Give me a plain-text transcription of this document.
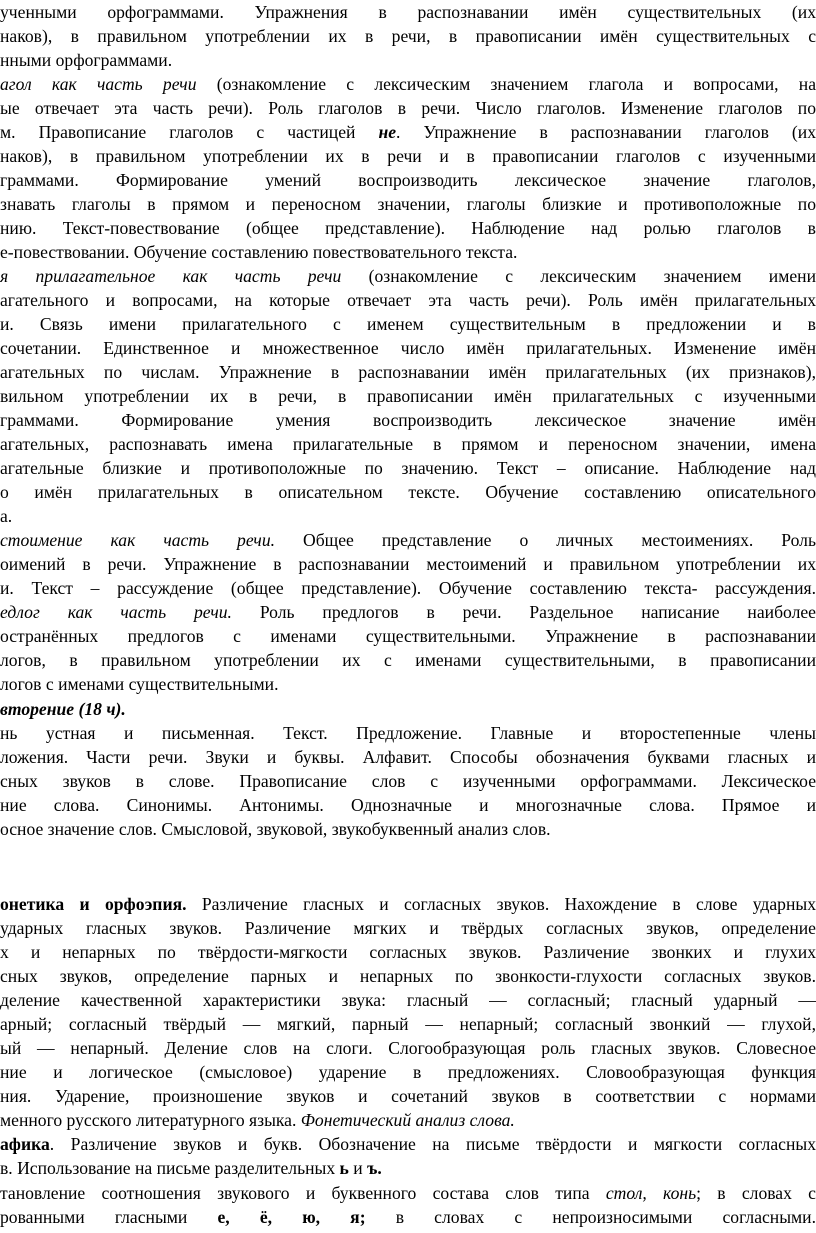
ученными орфограммами. Упражнения в распознавании имён существительных (их
наков), в правильном употреблении их в речи, в правописании имён существительных с
нными орфограммами.
агол как часть речи (ознакомление с лексическим значением глагола и вопросами, на
ые отвечает эта часть речи). Роль глаголов в речи. Число глаголов. Изменение глаголов по
м. Правописание глаголов с частицей не. Упражнение в распознавании глаголов (их
наков), в правильном употреблении их в речи и в правописании глаголов с изученными
граммами. Формирование умений воспроизводить лексическое значение глаголов,
знавать глаголы в прямом и переносном значении, глаголы близкие и противоположные по
нию. Текст-повествование (общее представление). Наблюдение над ролью глаголов в
е-повествовании. Обучение составлению повествовательного текста.
я прилагательное как часть речи (ознакомление с лексическим значением имени
агательного и вопросами, на которые отвечает эта часть речи). Роль имён прилагательных
и. Связь имени прилагательного с именем существительным в предложении и в
сочетании. Единственное и множественное число имён прилагательных. Изменение имён
агательных по числам. Упражнение в распознавании имён прилагательных (их признаков),
вильном употреблении их в речи, в правописании имён прилагательных с изученными
граммами. Формирование умения воспроизводить лексическое значение имён
агательных, распознавать имена прилагательные в прямом и переносном значении, имена
агательные близкие и противоположные по значению. Текст – описание. Наблюдение над
о имён прилагательных в описательном тексте. Обучение составлению описательного
а.
стоимение как часть речи. Общее представление о личных местоимениях. Роль
оимений в речи. Упражнение в распознавании местоимений и правильном употреблении их
и. Текст – рассуждение (общее представление). Обучение составлению текста- рассуждения.
едлог как часть речи. Роль предлогов в речи. Раздельное написание наиболее
остранённых предлогов с именами существительными. Упражнение в распознавании
логов, в правильном употреблении их с именами существительными, в правописании
логов с именами существительными.
вторение (18 ч).
нь устная и письменная. Текст. Предложение. Главные и второстепенные члены
ложения. Части речи. Звуки и буквы. Алфавит. Способы обозначения буквами гласных и
сных звуков в слове. Правописание слов с изученными орфограммами. Лексическое
ние слова. Синонимы. Антонимы. Однозначные и многозначные слова. Прямое и
осное значение слов. Смысловой, звуковой, звукобуквенный анализ слов.
онетика и орфоэпия. Различение гласных и согласных звуков. Нахождение в слове ударных
ударных гласных звуков. Различение мягких и твёрдых согласных звуков, определение
х и непарных по твёрдости-мягкости согласных звуков. Различение звонких и глухих
сных звуков, определение парных и непарных по звонкости-глухости согласных звуков.
деление качественной характеристики звука: гласный — согласный; гласный ударный —
арный; согласный твёрдый — мягкий, парный — непарный; согласный звонкий — глухой,
ый — непарный. Деление слов на слоги. Слогообразующая роль гласных звуков. Словесное
ние и логическое (смысловое) ударение в предложениях. Словообразующая функция
ния. Ударение, произношение звуков и сочетаний звуков в соответствии с нормами
менного русского литературного языка. Фонетический анализ слова.
афика. Различение звуков и букв. Обозначение на письме твёрдости и мягкости согласных
в. Использование на письме разделительных ь и ъ.
тановление соотношения звукового и буквенного состава слов типа стол, конь; в словах с
рованными гласными е, ё, ю, я; в словах с непроизносимыми согласными.
